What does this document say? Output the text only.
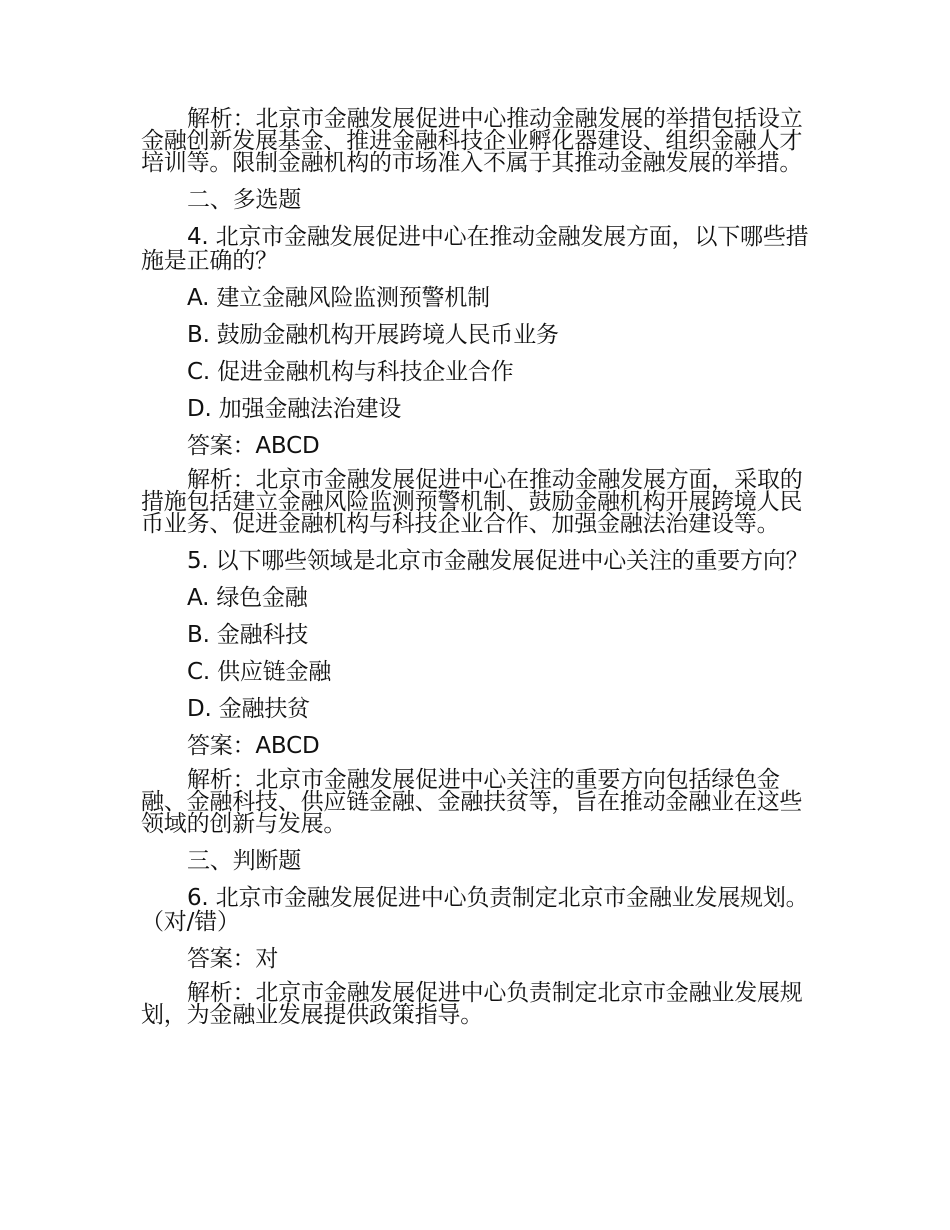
解析：北京市金融发展促进中心推动金融发展的举措包括设立金融创新发展基金、推进金融科技企业孵化器建设、组织金融人才培训等。限制金融机构的市场准入不属于其推动金融发展的举措。

二、多选题

4. 北京市金融发展促进中心在推动金融发展方面，以下哪些措施是正确的？

A. 建立金融风险监测预警机制

B. 鼓励金融机构开展跨境人民币业务

C. 促进金融机构与科技企业合作

D. 加强金融法治建设

答案：ABCD

解析：北京市金融发展促进中心在推动金融发展方面，采取的措施包括建立金融风险监测预警机制、鼓励金融机构开展跨境人民币业务、促进金融机构与科技企业合作、加强金融法治建设等。

5. 以下哪些领域是北京市金融发展促进中心关注的重要方向？

A. 绿色金融

B. 金融科技

C. 供应链金融

D. 金融扶贫

答案：ABCD

解析：北京市金融发展促进中心关注的重要方向包括绿色金融、金融科技、供应链金融、金融扶贫等，旨在推动金融业在这些领域的创新与发展。

三、判断题

6. 北京市金融发展促进中心负责制定北京市金融业发展规划。（对/错）

答案：对

解析：北京市金融发展促进中心负责制定北京市金融业发展规划，为金融业发展提供政策指导。
